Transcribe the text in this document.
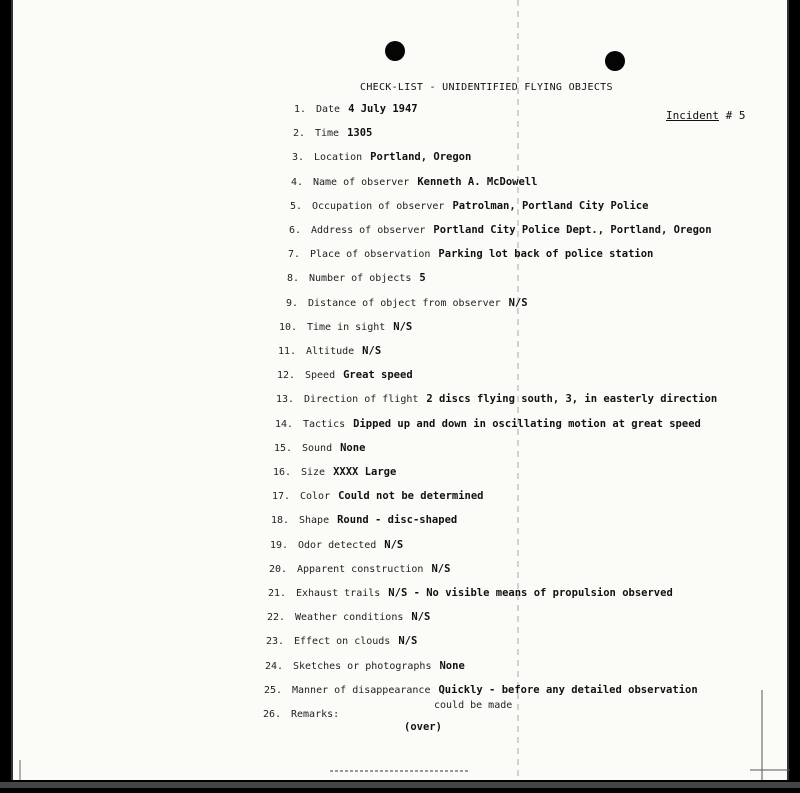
CHECK-LIST - UNIDENTIFIED FLYING OBJECTS
Incident # 5
1. Date 4 July 1947
2. Time 1305
3. Location Portland, Oregon
4. Name of observer Kenneth A. McDowell
5. Occupation of observer Patrolman, Portland City Police
6. Address of observer Portland City Police Dept., Portland, Oregon
7. Place of observation Parking lot back of police station
8. Number of objects 5
9. Distance of object from observer N/S
10. Time in sight N/S
11. Altitude N/S
12. Speed Great speed
13. Direction of flight 2 discs flying south, 3, in easterly direction
14. Tactics Dipped up and down in oscillating motion at great speed
15. Sound None
16. Size XXXX Large
17. Color Could not be determined
18. Shape Round - disc-shaped
19. Odor detected N/S
20. Apparent construction N/S
21. Exhaust trails N/S - No visible means of propulsion observed
22. Weather conditions N/S
23. Effect on clouds N/S
24. Sketches or photographs None
25. Manner of disappearance Quickly - before any detailed observation
26. Remarks:
could be made
(over)
